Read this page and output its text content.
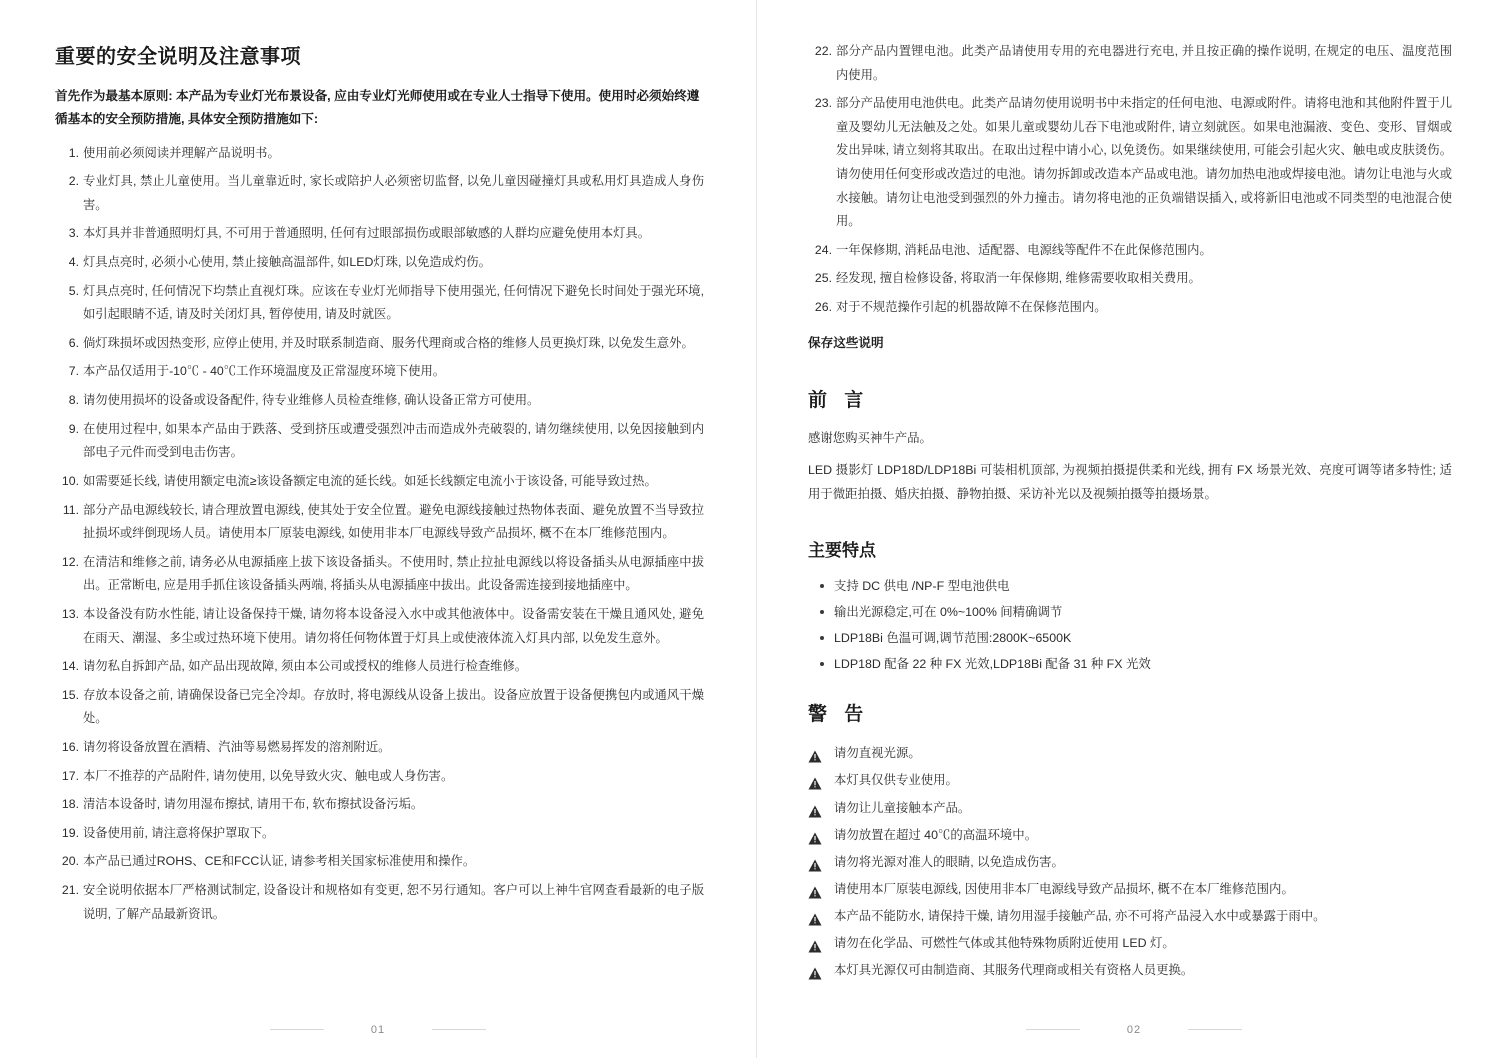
重要的安全说明及注意事项

首先作为最基本原则: 本产品为专业灯光布景设备, 应由专业灯光师使用或在专业人士指导下使用。使用时必须始终遵循基本的安全预防措施, 具体安全预防措施如下:

1. 使用前必须阅读并理解产品说明书。
2. 专业灯具, 禁止儿童使用。当儿童靠近时, 家长或陪护人必须密切监督, 以免儿童因碰撞灯具或私用灯具造成人身伤害。
3. 本灯具并非普通照明灯具, 不可用于普通照明, 任何有过眼部损伤或眼部敏感的人群均应避免使用本灯具。
4. 灯具点亮时, 必须小心使用, 禁止接触高温部件, 如LED灯珠, 以免造成灼伤。
5. 灯具点亮时, 任何情况下均禁止直视灯珠。应该在专业灯光师指导下使用强光, 任何情况下避免长时间处于强光环境, 如引起眼睛不适, 请及时关闭灯具, 暂停使用, 请及时就医。
6. 倘灯珠损坏或因热变形, 应停止使用, 并及时联系制造商、服务代理商或合格的维修人员更换灯珠, 以免发生意外。
7. 本产品仅适用于-10℃ - 40℃工作环境温度及正常湿度环境下使用。
8. 请勿使用损坏的设备或设备配件, 待专业维修人员检查维修, 确认设备正常方可使用。
9. 在使用过程中, 如果本产品由于跌落、受到挤压或遭受强烈冲击而造成外壳破裂的, 请勿继续使用, 以免因接触到内部电子元件而受到电击伤害。
10. 如需要延长线, 请使用额定电流≥该设备额定电流的延长线。如延长线额定电流小于该设备, 可能导致过热。
11. 部分产品电源线较长, 请合理放置电源线, 使其处于安全位置。避免电源线接触过热物体表面、避免放置不当导致拉扯损坏或绊倒现场人员。请使用本厂原装电源线, 如使用非本厂电源线导致产品损坏, 概不在本厂维修范围内。
12. 在清洁和维修之前, 请务必从电源插座上拔下该设备插头。不使用时, 禁止拉扯电源线以将设备插头从电源插座中拔出。正常断电, 应是用手抓住该设备插头两端, 将插头从电源插座中拔出。此设备需连接到接地插座中。
13. 本设备没有防水性能, 请让设备保持干燥, 请勿将本设备浸入水中或其他液体中。设备需安装在干燥且通风处, 避免在雨天、潮湿、多尘或过热环境下使用。请勿将任何物体置于灯具上或使液体流入灯具内部, 以免发生意外。
14. 请勿私自拆卸产品, 如产品出现故障, 须由本公司或授权的维修人员进行检查维修。
15. 存放本设备之前, 请确保设备已完全冷却。存放时, 将电源线从设备上拔出。设备应放置于设备便携包内或通风干燥处。
16. 请勿将设备放置在酒精、汽油等易燃易挥发的溶剂附近。
17. 本厂不推荐的产品附件, 请勿使用, 以免导致火灾、触电或人身伤害。
18. 清洁本设备时, 请勿用湿布擦拭, 请用干布, 软布擦拭设备污垢。
19. 设备使用前, 请注意将保护罩取下。
20. 本产品已通过ROHS、CE和FCC认证, 请参考相关国家标准使用和操作。
21. 安全说明依据本厂严格测试制定, 设备设计和规格如有变更, 恕不另行通知。客户可以上神牛官网查看最新的电子版说明, 了解产品最新资讯。
01
22. 部分产品内置锂电池。此类产品请使用专用的充电器进行充电, 并且按正确的操作说明, 在规定的电压、温度范围内使用。
23. 部分产品使用电池供电。此类产品请勿使用说明书中未指定的任何电池、电源或附件。请将电池和其他附件置于儿童及婴幼儿无法触及之处。如果儿童或婴幼儿吞下电池或附件, 请立刻就医。如果电池漏液、变色、变形、冒烟或发出异味, 请立刻将其取出。在取出过程中请小心, 以免烫伤。如果继续使用, 可能会引起火灾、触电或皮肤烫伤。请勿使用任何变形或改造过的电池。请勿拆卸或改造本产品或电池。请勿加热电池或焊接电池。请勿让电池与火或水接触。请勿让电池受到强烈的外力撞击。请勿将电池的正负端错误插入, 或将新旧电池或不同类型的电池混合使用。
24. 一年保修期, 消耗品电池、适配器、电源线等配件不在此保修范围内。
25. 经发现, 擅自检修设备, 将取消一年保修期, 维修需要收取相关费用。
26. 对于不规范操作引起的机器故障不在保修范围内。

保存这些说明

前 言

感谢您购买神牛产品。

LED 摄影灯 LDP18D/LDP18Bi 可装相机顶部, 为视频拍摄提供柔和光线, 拥有 FX 场景光效、亮度可调等诸多特性; 适用于微距拍摄、婚庆拍摄、静物拍摄、采访补光以及视频拍摄等拍摄场景。

主要特点
支持 DC 供电 /NP-F 型电池供电
输出光源稳定,可在 0%~100% 间精确调节
LDP18Bi 色温可调,调节范围:2800K~6500K
LDP18D 配备 22 种 FX 光效,LDP18Bi 配备 31 种 FX 光效
警 告
请勿直视光源。
本灯具仅供专业使用。
请勿让儿童接触本产品。
请勿放置在超过 40℃的高温环境中。
请勿将光源对准人的眼睛, 以免造成伤害。
请使用本厂原装电源线, 因使用非本厂电源线导致产品损坏, 概不在本厂维修范围内。
本产品不能防水, 请保持干燥, 请勿用湿手接触产品, 亦不可将产品浸入水中或暴露于雨中。
请勿在化学品、可燃性气体或其他特殊物质附近使用 LED 灯。
本灯具光源仅可由制造商、其服务代理商或相关有资格人员更换。
02
